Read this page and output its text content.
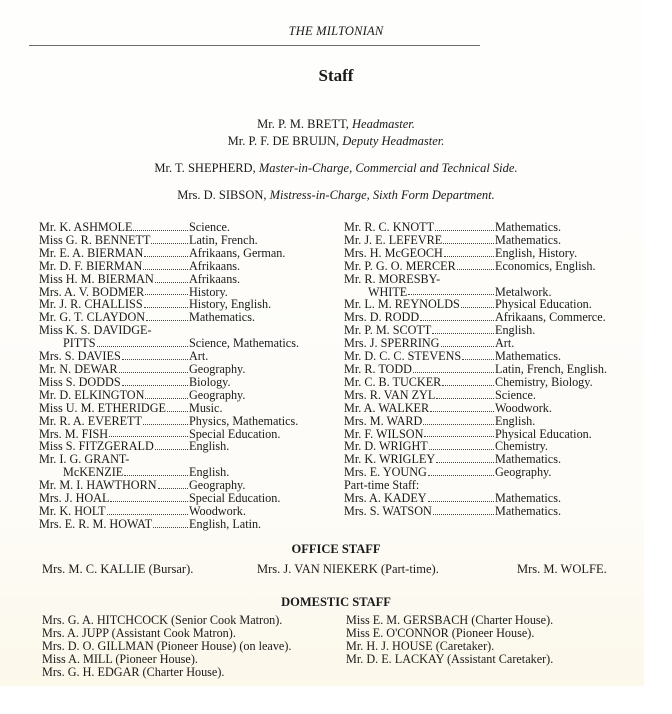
THE MILTONIAN
Staff
Mr. P. M. BRETT, Headmaster.
Mr. P. F. DE BRUIJN, Deputy Headmaster.
Mr. T. SHEPHERD, Master-in-Charge, Commercial and Technical Side.
Mrs. D. SIBSON, Mistress-in-Charge, Sixth Form Department.
Mr. K. ASHMOLE	Science.
Miss G. R. BENNETT	Latin, French.
Mr. E. A. BIERMAN	Afrikaans, German.
Mr. D. F. BIERMAN	Afrikaans.
Miss H. M. BIERMAN	Afrikaans.
Mrs. A. V. BODMER	History.
Mr. J. R. CHALLISS	History, English.
Mr. G. T. CLAYDON	Mathematics.
Miss K. S. DAVIDGE-
PITTS	Science, Mathematics.
Mrs. S. DAVIES	Art.
Mr. N. DEWAR	Geography.
Miss S. DODDS	Biology.
Mr. D. ELKINGTON	Geography.
Miss U. M. ETHERIDGE Music.
Mr. R. A. EVERETT	Physics, Mathematics.
Mrs. M. FISH	Special Education.
Miss S. FITZGERALD	English.
Mr. I. G. GRANT-
McKENZIE	English.
Mr. M. I. HAWTHORN	Geography.
Mrs. J. HOAL	Special Education.
Mr. K. HOLT	Woodwork.
Mrs. E. R. M. HOWAT	English, Latin.
Mr. R. C. KNOTT	Mathematics.
Mr. J. E. LEFEVRE	Mathematics.
Mrs. H. McGEOCH	English, History.
Mr. P. G. O. MERCER	Economics, English.
Mr. R. MORESBY-
WHITE	Metalwork.
Mr. L. M. REYNOLDS	Physical Education.
Mrs. D. RODD	Afrikaans, Commerce.
Mr. P. M. SCOTT	English.
Mrs. J. SPERRING	Art.
Mr. D. C. C. STEVENS	Mathematics.
Mr. R. TODD	Latin, French, English.
Mr. C. B. TUCKER	Chemistry, Biology.
Mrs. R. VAN ZYL	Science.
Mr. A. WALKER	Woodwork.
Mrs. M. WARD	English.
Mr. F. WILSON	Physical Education.
Mr. D. WRIGHT	Chemistry.
Mr. K. WRIGLEY	Mathematics.
Mrs. E. YOUNG	Geography.
Part-time Staff:
Mrs. A. KADEY	Mathematics.
Mrs. S. WATSON	Mathematics.
OFFICE STAFF
Mrs. M. C. KALLIE (Bursar).	Mrs. J. VAN NIEKERK (Part-time).	Mrs. M. WOLFE.
DOMESTIC STAFF
Mrs. G. A. HITCHCOCK (Senior Cook Matron).
Mrs. A. JUPP (Assistant Cook Matron).
Mrs. D. O. GILLMAN (Pioneer House) (on leave).
Miss A. MILL (Pioneer House).
Mrs. G. H. EDGAR (Charter House).
Miss E. M. GERSBACH (Charter House).
Miss E. O'CONNOR (Pioneer House).
Mr. H. J. HOUSE (Caretaker).
Mr. D. E. LACKAY (Assistant Caretaker).
